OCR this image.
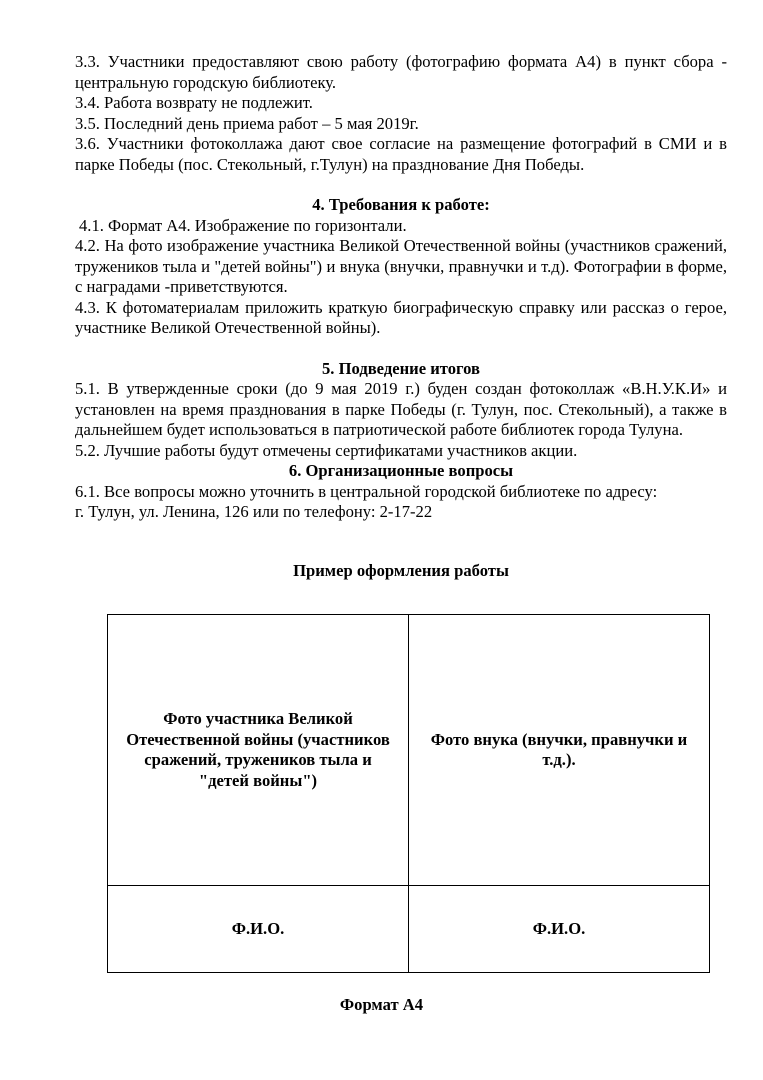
3.3. Участники предоставляют свою работу (фотографию формата А4) в пункт сбора - центральную городскую библиотеку.

3.4. Работа возврату не подлежит.

3.5. Последний день приема работ – 5 мая 2019г.

3.6. Участники фотоколлажа дают свое согласие на размещение фотографий в СМИ и в парке Победы (пос. Стекольный, г.Тулун) на празднование Дня Победы.

4. Требования к работе:

4.1. Формат А4. Изображение по горизонтали.

4.2. На фото изображение участника Великой Отечественной войны (участников сражений, тружеников тыла и "детей войны") и внука (внучки, правнучки и т.д). Фотографии в форме, с наградами -приветствуются.

4.3. К фотоматериалам приложить краткую биографическую справку или рассказ о герое, участнике Великой Отечественной войны).

5. Подведение итогов

5.1. В утвержденные сроки (до 9 мая 2019 г.) буден создан фотоколлаж «В.Н.У.К.И» и установлен на время празднования в парке Победы (г. Тулун, пос. Стекольный), а также в дальнейшем будет использоваться в патриотической работе библиотек города Тулуна.

5.2. Лучшие работы будут отмечены сертификатами участников акции.

6. Организационные вопросы

6.1. Все вопросы можно уточнить в центральной городской библиотеке по адресу:

г. Тулун, ул. Ленина, 126 или по телефону: 2-17-22

Пример оформления работы

Фото участника Великой Отечественной войны (участников сражений, тружеников тыла и "детей войны")	Фото внука (внучки, правнучки и т.д.).
Ф.И.О.	Ф.И.О.
Формат А4
